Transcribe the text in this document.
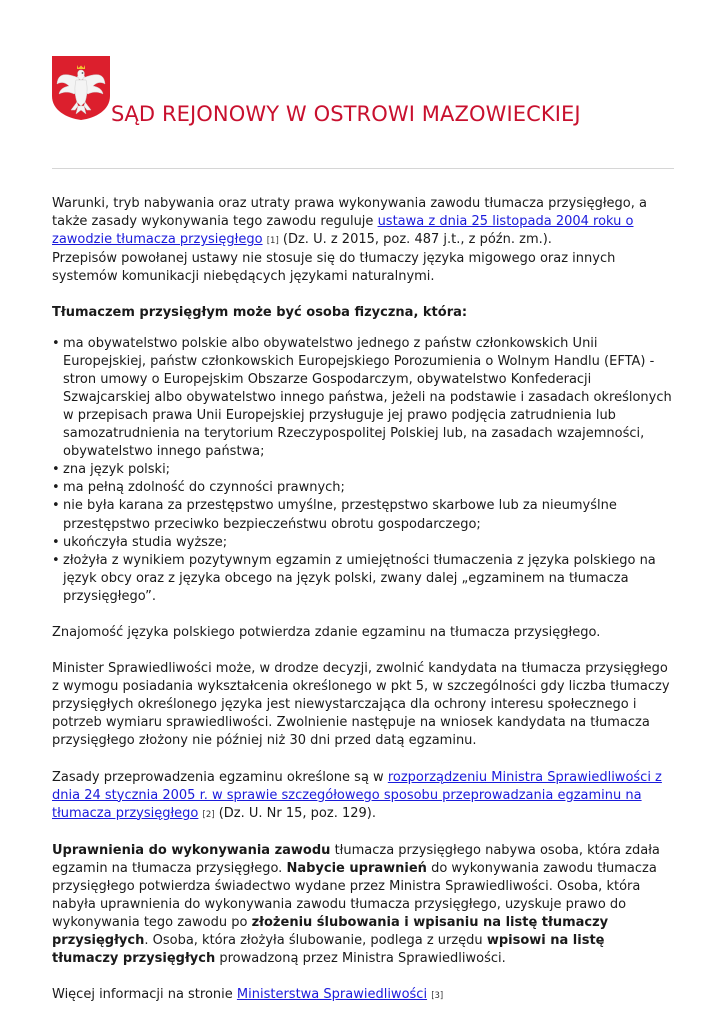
SĄD REJONOWY W OSTROWI MAZOWIECKIEJ

Warunki, tryb nabywania oraz utraty prawa wykonywania zawodu tłumacza przysięgłego, a także zasady wykonywania tego zawodu reguluje ustawa z dnia 25 listopada 2004 roku o zawodzie tłumacza przysięgłego [1] (Dz. U. z 2015, poz. 487 j.t., z późn. zm.).
Przepisów powołanej ustawy nie stosuje się do tłumaczy języka migowego oraz innych systemów komunikacji niebędących językami naturalnymi.

Tłumaczem przysięgłym może być osoba fizyczna, która:

• ma obywatelstwo polskie albo obywatelstwo jednego z państw członkowskich Unii Europejskiej, państw członkowskich Europejskiego Porozumienia o Wolnym Handlu (EFTA) - stron umowy o Europejskim Obszarze Gospodarczym, obywatelstwo Konfederacji Szwajcarskiej albo obywatelstwo innego państwa, jeżeli na podstawie i zasadach określonych w przepisach prawa Unii Europejskiej przysługuje jej prawo podjęcia zatrudnienia lub samozatrudnienia na terytorium Rzeczypospolitej Polskiej lub, na zasadach wzajemności, obywatelstwo innego państwa;
• zna język polski;
• ma pełną zdolność do czynności prawnych;
• nie była karana za przestępstwo umyślne, przestępstwo skarbowe lub za nieumyślne przestępstwo przeciwko bezpieczeństwu obrotu gospodarczego;
• ukończyła studia wyższe;
• złożyła z wynikiem pozytywnym egzamin z umiejętności tłumaczenia z języka polskiego na język obcy oraz z języka obcego na język polski, zwany dalej „egzaminem na tłumacza przysięgłego”.

Znajomość języka polskiego potwierdza zdanie egzaminu na tłumacza przysięgłego.

Minister Sprawiedliwości może, w drodze decyzji, zwolnić kandydata na tłumacza przysięgłego z wymogu posiadania wykształcenia określonego w pkt 5, w szczególności gdy liczba tłumaczy przysięgłych określonego języka jest niewystarczająca dla ochrony interesu społecznego i potrzeb wymiaru sprawiedliwości. Zwolnienie następuje na wniosek kandydata na tłumacza przysięgłego złożony nie później niż 30 dni przed datą egzaminu.

Zasady przeprowadzenia egzaminu określone są w rozporządzeniu Ministra Sprawiedliwości z dnia 24 stycznia 2005 r. w sprawie szczegółowego sposobu przeprowadzania egzaminu na tłumacza przysięgłego [2] (Dz. U. Nr 15, poz. 129).

Uprawnienia do wykonywania zawodu tłumacza przysięgłego nabywa osoba, która zdała egzamin na tłumacza przysięgłego. Nabycie uprawnień do wykonywania zawodu tłumacza przysięgłego potwierdza świadectwo wydane przez Ministra Sprawiedliwości. Osoba, która nabyła uprawnienia do wykonywania zawodu tłumacza przysięgłego, uzyskuje prawo do wykonywania tego zawodu po złożeniu ślubowania i wpisaniu na listę tłumaczy przysięgłych. Osoba, która złożyła ślubowanie, podlega z urzędu wpisowi na listę tłumaczy przysięgłych prowadzoną przez Ministra Sprawiedliwości.

Więcej informacji na stronie Ministerstwa Sprawiedliwości [3]
